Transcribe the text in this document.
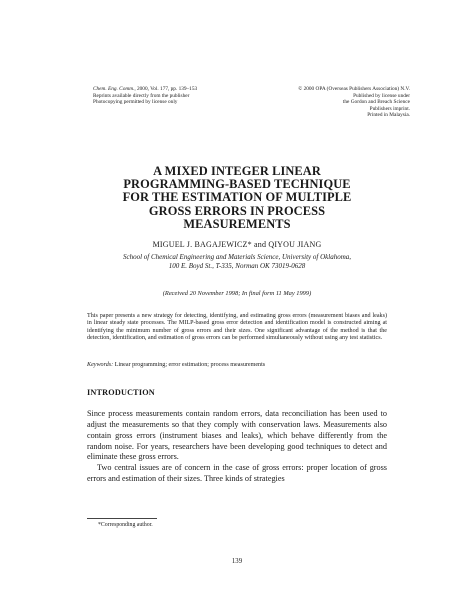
Chem. Eng. Comm., 2000, Vol. 177, pp. 139–153
Reprints available directly from the publisher
Photocopying permitted by license only
© 2000 OPA (Overseas Publishers Association) N.V.
Published by license under
the Gordon and Breach Science
Publishers imprint.
Printed in Malaysia.
A MIXED INTEGER LINEAR
PROGRAMMING-BASED TECHNIQUE
FOR THE ESTIMATION OF MULTIPLE
GROSS ERRORS IN PROCESS
MEASUREMENTS
MIGUEL J. BAGAJEWICZ* and QIYOU JIANG
School of Chemical Engineering and Materials Science, University of Oklahoma,
100 E. Boyd St., T-335, Norman OK 73019-0628
(Received 20 November 1998; In final form 11 May 1999)
This paper presents a new strategy for detecting, identifying, and estimating gross errors (measurement biases and leaks) in linear steady state processes. The MILP-based gross error detection and identification model is constructed aiming at identifying the minimum number of gross errors and their sizes. One significant advantage of the method is that the detection, identification, and estimation of gross errors can be performed simultaneously without using any test statistics.
Keywords: Linear programming; error estimation; process measurements
INTRODUCTION

Since process measurements contain random errors, data reconciliation has been used to adjust the measurements so that they comply with conservation laws. Measurements also contain gross errors (instrument biases and leaks), which behave differently from the random noise. For years, researchers have been developing good techniques to detect and eliminate these gross errors.

Two central issues are of concern in the case of gross errors: proper location of gross errors and estimation of their sizes. Three kinds of strategies

*Corresponding author.
139
